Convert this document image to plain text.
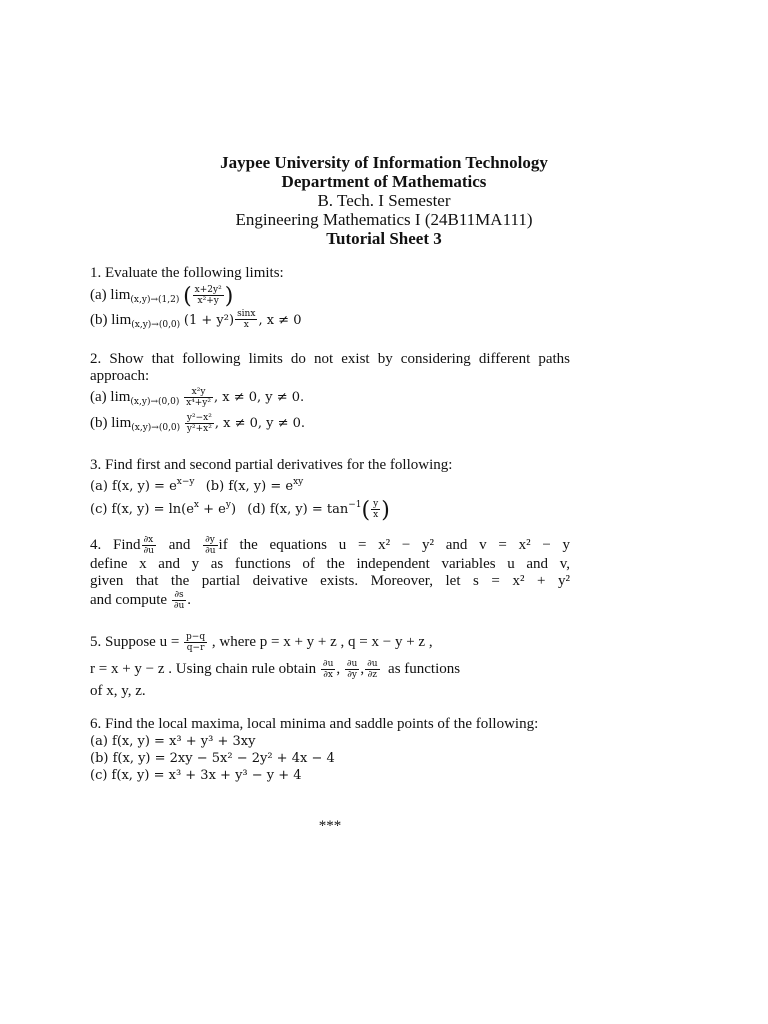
Jaypee University of Information Technology
Department of Mathematics
B. Tech. I Semester
Engineering Mathematics I (24B11MA111)
Tutorial Sheet 3
1. Evaluate the following limits:
(a) $\lim_{(x,y)\to(1,2)}$ ( $\frac{\text{x+2y²}}{\text{x²+y}}$ )
(b) $\lim_{(x,y)\to(0,0)} (1 + y^2) \frac{\sin x}{x}$ , x ≠ 0
2. Show that following limits do not exist by considering different paths approach:
(a) $\lim_{(x,y)\to(0,0)} \frac{\text{x²y}}{\text{x⁴+y²}}$ , x ≠ 0, y ≠ 0.
(b) $\lim_{(x,y)\to(0,0)} \frac{\text{y²−x²}}{\text{y²+x²}}$ , x ≠ 0, y ≠ 0.
3. Find first and second partial derivatives for the following:
(a) f(x, $y) = e^{x-y}$ (b) f(x, $y) = e^{xy}$
(c) f(x, $y) = \ln(e^x + e^y)$ (d) f(x, $y) = \tan^{-1}( \frac{y}{x}$ )
4. Find $\frac{\partial x}{\partial u}$ and $\frac{\partial y}{\partial u}$ if the equations u = x² − y² and v = x² − y
define x and y as functions of the independent variables u and v,
given that the partial deivative exists. Moreover, let s = x² + y²
and compute $\frac{\partial s}{\partial u}$ .
5. Suppose $u = \frac{p-q}{q-r}$ , where p = x + y + z , q = x − y + z ,
r = x + y − z . Using chain rule obtain $\frac{\partial u}{\partial x}$ , $\frac{\partial u}{\partial y}$ , $\frac{\partial u}{\partial z}$ as functions
of x, y, z.
6. Find the local maxima, local minima and saddle points of the following:
(a) f(x, y) = x³ + y³ + 3xy
(b) f(x, y) = 2xy − 5x² − 2y² + 4x − 4
(c) f(x, y) = x³ + 3x + y³ − y + 4
***
